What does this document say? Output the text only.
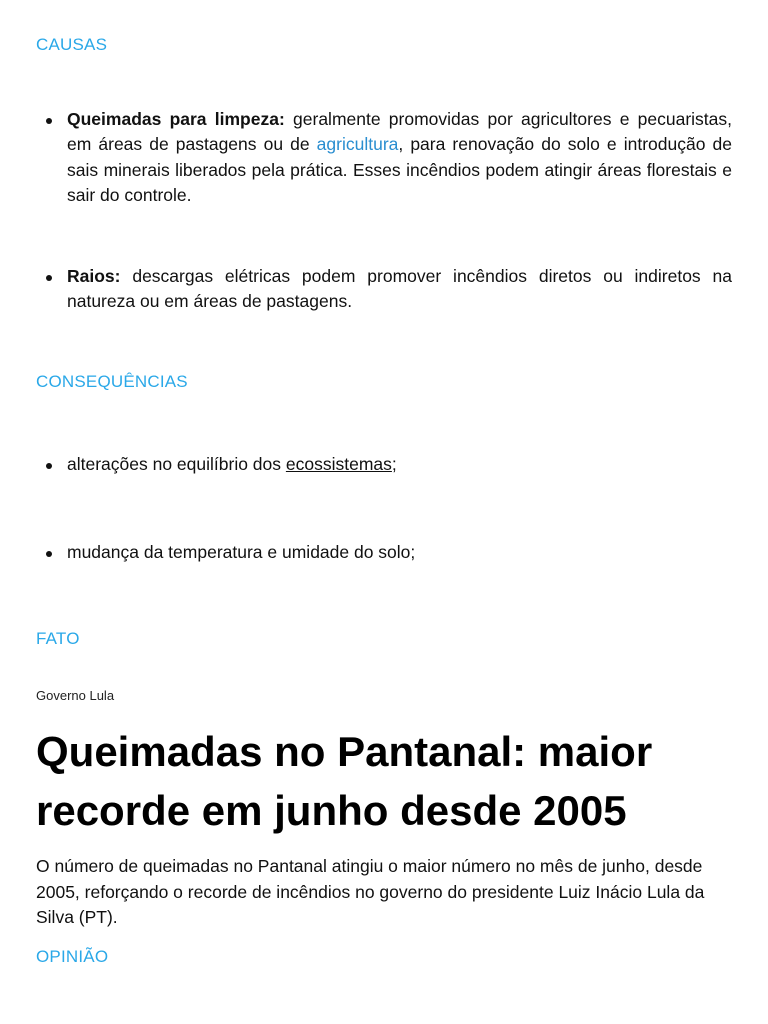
CAUSAS
Queimadas para limpeza: geralmente promovidas por agricultores e pecuaristas, em áreas de pastagens ou de agricultura, para renovação do solo e introdução de sais minerais liberados pela prática. Esses incêndios podem atingir áreas florestais e sair do controle.
Raios: descargas elétricas podem promover incêndios diretos ou indiretos na natureza ou em áreas de pastagens.
CONSEQUÊNCIAS
alterações no equilíbrio dos ecossistemas;
mudança da temperatura e umidade do solo;
FATO
Governo Lula
Queimadas no Pantanal: maior recorde em junho desde 2005

O número de queimadas no Pantanal atingiu o maior número no mês de junho, desde 2005, reforçando o recorde de incêndios no governo do presidente Luiz Inácio Lula da Silva (PT).

OPINIÃO
